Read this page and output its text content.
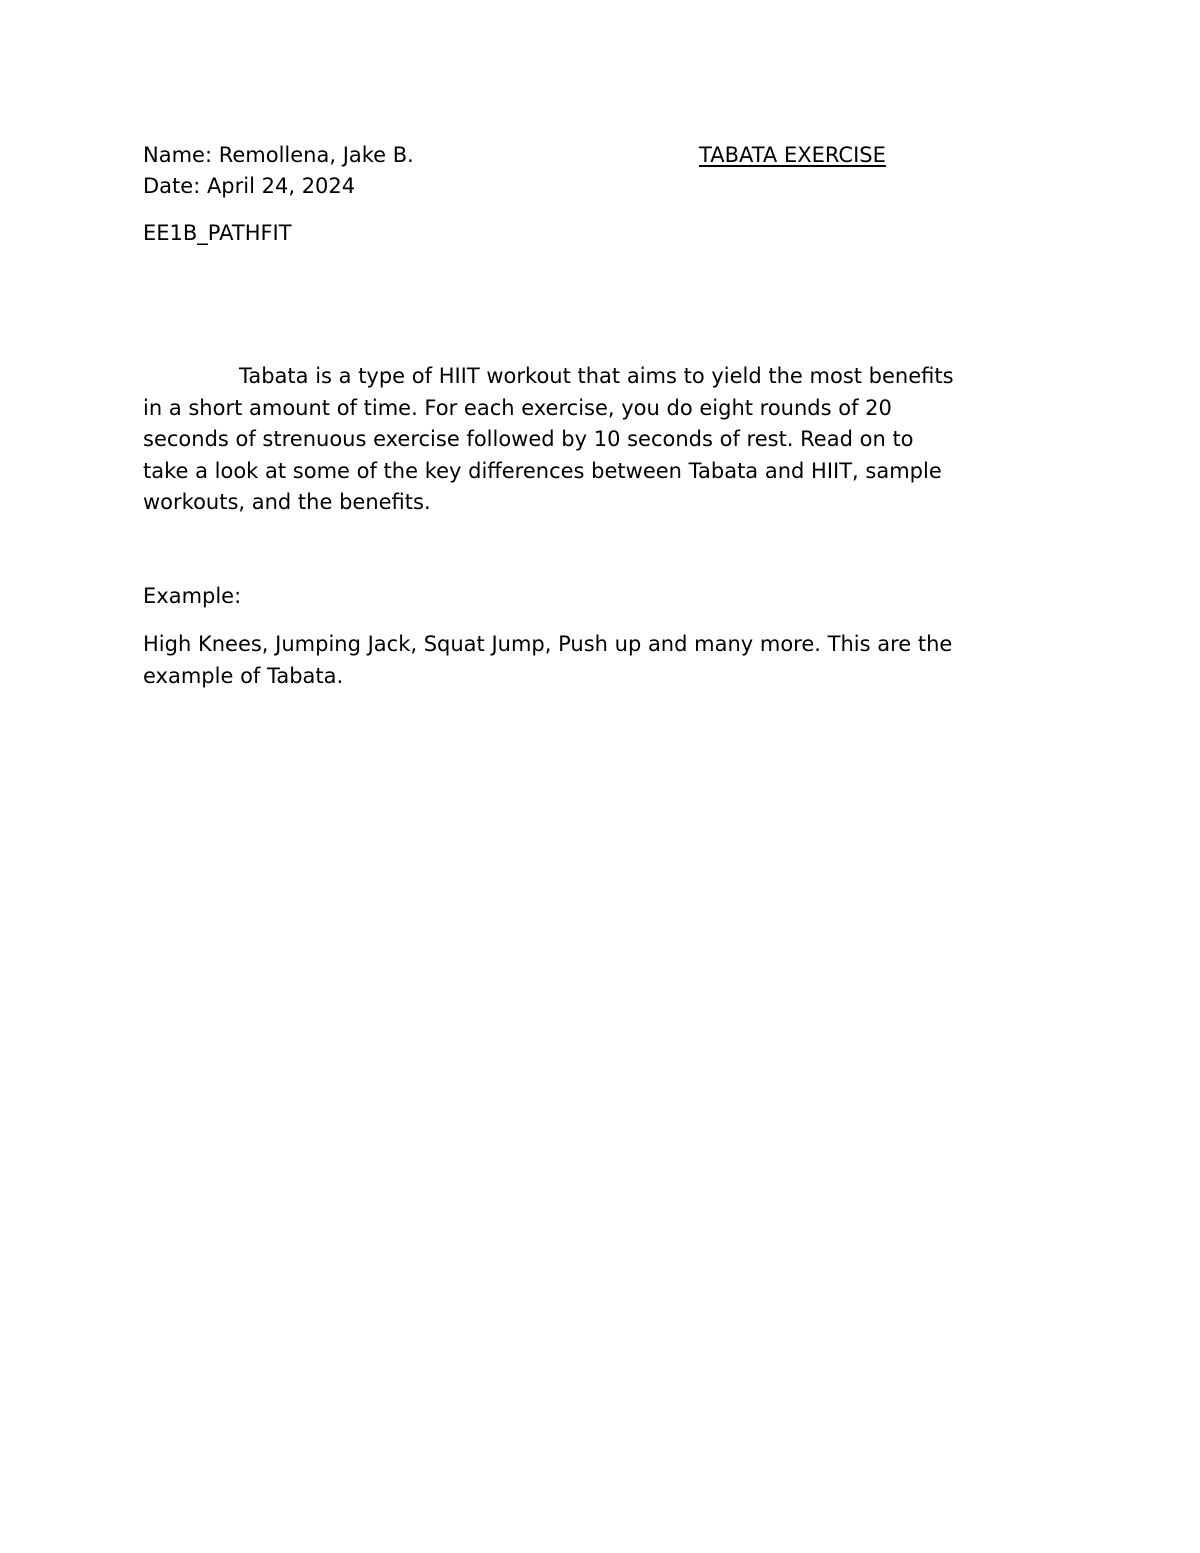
Name: Remollena, Jake B.	TABATA EXERCISE
Date: April 24, 2024
EE1B_PATHFIT
Tabata is a type of HIIT workout that aims to yield the most benefits
in a short amount of time. For each exercise, you do eight rounds of 20
seconds of strenuous exercise followed by 10 seconds of rest. Read on to
take a look at some of the key differences between Tabata and HIIT, sample
workouts, and the benefits.
Example:
High Knees, Jumping Jack, Squat Jump, Push up and many more. This are the
example of Tabata.
